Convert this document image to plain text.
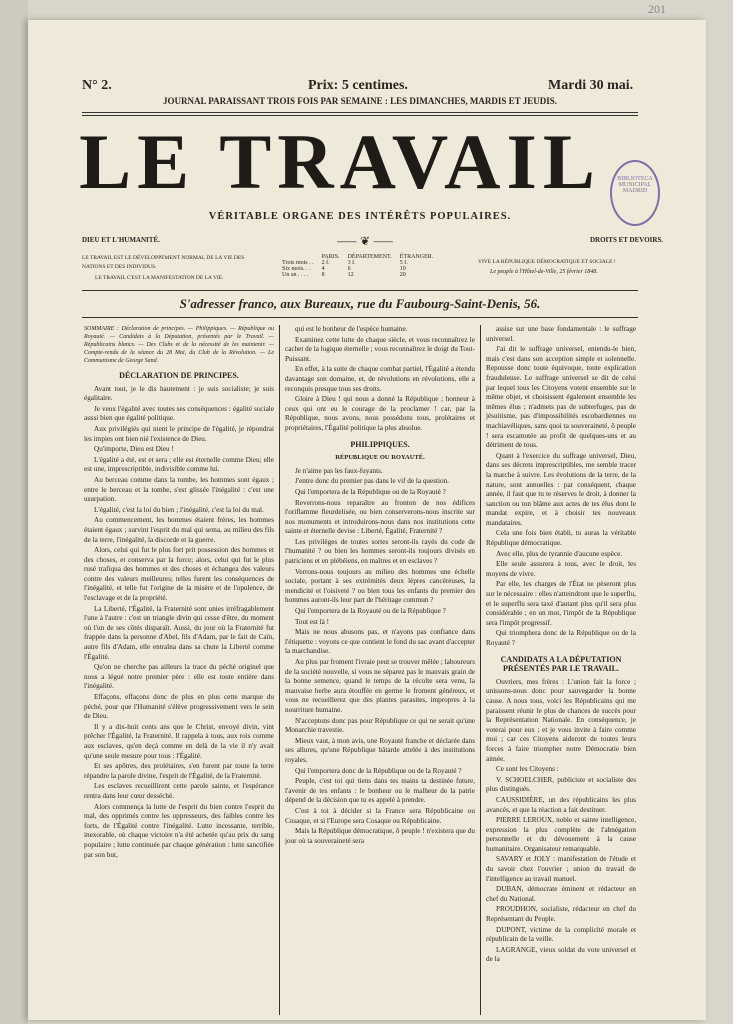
201
N° 2.	Prix: 5 centimes.	Mardi 30 mai.
JOURNAL PARAISSANT TROIS FOIS PAR SEMAINE : LES DIMANCHES, MARDIS ET JEUDIS.
LE TRAVAIL
VÉRITABLE ORGANE DES INTÉRÊTS POPULAIRES.
BIBLIOTECA MUNICIPAL MADRID
DIEU ET L'HUMANITÉ.	DROITS ET DEVOIRS.
⸺ ❦ ⸺
LE TRAVAIL EST LE DÉVELOPPEMENT NORMAL DE LA VIE DES NATIONS ET DES INDIVIDUS.
LE TRAVAIL C'EST LA MANIFESTATION DE LA VIE.
	PARIS.	DÉPARTEMENT.	ÉTRANGER.
Trois mois . .	2 f.	3 f.	5 f.
Six mois. . .	4	6	10
Un an . . . .	8	12	20
VIVE LA RÉPUBLIQUE DÉMOCRATIQUE ET SOCIALE !
Le peuple à l'Hôtel-de-Ville, 25 février 1848.
S'adresser franco, aux Bureaux, rue du Faubourg-Saint-Denis, 56.

SOMMAIRE : Déclaration de principes. — Philippiques. — République ou Royauté. — Candidats à la Députation, présentés par le Travail. — Républicains blancs. — Des Clubs et de la nécessité de les maintenir. — Compte-rendu de la séance du 28 Mai, du Club de la Révolution. — Le Communisme de George Sand.

DÉCLARATION DE PRINCIPES.

Avant tout, je le dis hautement : je suis socialiste; je suis égalitaire.

Je veux l'égalité avec toutes ses conséquences : égalité sociale aussi bien que égalité politique.

Aux privilégiés qui nient le principe de l'égalité, je répondrai les impies ont bien nié l'existence de Dieu.

Qu'importe, Dieu est Dieu !

L'égalité a été, est et sera ; elle est éternelle comme Dieu; elle est une, imprescriptible, indivisible comme lui.

Au berceau comme dans la tombe, les hommes sont égaux ; entre le berceau et la tombe, s'est glissée l'inégalité : c'est une usurpation.

L'égalité, c'est la loi du bien ; l'inégalité, c'est la loi du mal.

Au commencement, les hommes étaient frères, les hommes étaient égaux ; survint l'esprit du mal qui sema, au milieu des fils de la terre, l'inégalité, la discorde et la guerre.

Alors, celui qui fut le plus fort prit possession des hommes et des choses, et conserva par la force; alors, celui qui fut le plus rusé trafiqua des hommes et des choses et échangea des valeurs contre des valeurs meilleures; telles furent les conséquences de l'inégalité, et telle fut l'origine de la misère et de l'opulence, de l'esclavage et de la propriété.

La Liberté, l'Égalité, la Fraternité sont unies irréfragablement l'une à l'autre : c'est un triangle divin qui cesse d'être, du moment où l'un de ses côtés disparaît. Aussi, du jour où la Fraternité fut frappée dans la personne d'Abel, fils d'Adam, par le fait de Caïn, autre fils d'Adam, elle entraîna dans sa chute la Liberté comme l'Égalité.

Qu'on ne cherche pas ailleurs la trace du péché originel que nous a légué notre premier père : elle est toute entière dans l'inégalité.

Effaçons, effaçons donc de plus en plus cette marque du péché, pour que l'Humanité s'élève progressivement vers le sein de Dieu.

Il y a dix-huit cents ans que le Christ, envoyé divin, vint prêcher l'Égalité, la Fraternité. Il rappela à tous, aux rois comme aux esclaves, qu'en deçà comme en delà de la vie il n'y avait qu'une seule mesure pour tous : l'Égalité.

Et ses apôtres, des prolétaires, s'en furent par toute la terre répandre la parole divine, l'esprit de l'Égalité, de la Fraternité.

Les esclaves recueillirent cette parole sainte, et l'espérance rentra dans leur cœur desséché.

Alors commença la lutte de l'esprit du bien contre l'esprit du mal, des opprimés contre les oppresseurs, des faibles contre les forts, de l'Égalité contre l'inégalité. Lutte incessante, terrible, inexorable, où chaque victoire n'a été achetée qu'au prix du sang populaire ; lutte continuée par chaque génération : lutte sanctifiée par son but,

qui est le bonheur de l'espèce humaine.

Examinez cette lutte de chaque siècle, et vous reconnaîtrez le cachet de la logique éternelle ; vous reconnaîtrez le doigt du Tout-Puissant.

En effet, à la suite de chaque combat partiel, l'Égalité a étendu davantage son domaine, et, de révolutions en révolutions, elle a reconquis presque tous ses droits.

Gloire à Dieu ! qui nous a donné la République ; honneur à ceux qui ont eu le courage de la proclamer ! car, par la République, nous avons, nous possédons tous, prolétaires et propriétaires, l'Égalité politique la plus absolue.

PHILIPPIQUES.
RÉPUBLIQUE OU ROYAUTÉ.

Je n'aime pas les faux-fuyants.

J'entre donc du premier pas dans le vif de la question.

Qui l'emportera de la République ou de la Royauté ?

Reverrons-nous reparaître au fronton de nos édifices l'oriflamme fleurdelisée, ou bien conserverons-nous inscrite sur nos monuments et introduirons-nous dans nos institutions cette sainte et éternelle devise : Liberté, Égalité, Fraternité ?

Les privilèges de toutes sortes seront-ils rayés du code de l'humanité ? ou bien les hommes seront-ils toujours divisés en patriciens et en plébéiens, en maîtres et en esclaves ?

Verrons-nous toujours au milieu des hommes une échelle sociale, portant à ses extrémités deux lèpres cancéreuses, la mendicité et l'oisiveté ? ou bien tous les enfants du premier des hommes auront-ils leur part de l'héritage commun ?

Qui l'emportera de la Royauté ou de la République ?

Tout est là !

Mais ne nous abusons pas, et n'ayons pas confiance dans l'étiquette : voyons ce que contient le fond du sac avant d'accepter la marchandise.

Au plus par froment l'ivraie peut se trouver mêlée ; laboureurs de la société nouvelle, si vous ne séparez pas le mauvais grain de la bonne semence, quand le temps de la récolte sera venu, la mauvaise herbe aura étouffée en germe le froment généreux, et vous ne recueillerez que des plantes parasites, impropres à la nourriture humaine.

N'acceptons donc pas pour République ce qui ne serait qu'une Monarchie travestie.

Mieux vaut, à mon avis, une Royauté franche et déclarée dans ses allures, qu'une République bâtarde attelée à des institutions royales.

Qui l'emportera donc de la République ou de la Royauté ?

Peuple, c'est toi qui tiens dans tes mains ta destinée future, l'avenir de tes enfants : le bonheur ou le malheur de la patrie dépend de la décision que tu es appelé à prendre.

C'est à toi à décider si la France sera Républicaine ou Cosaque, et si l'Europe sera Cosaque ou Républicaine.

Mais la République démocratique, ô peuple ! n'existera que du jour où ta souveraineté sera

assise sur une base fondamentale : le suffrage universel.

J'ai dit le suffrage universel, entendu-le bien, mais c'est dans son acception simple et solennelle. Repousse donc toute équivoque, toute explication frauduleuse. Le suffrage universel se dit de celui par lequel tous les Citoyens votent ensemble sur le même objet, et choisissent également ensemble les mêmes élus ; n'admets pas de subterfuges, pas de jésuitisme, pas d'impossibilités escobardiennes ou machiavéliques, sans quoi ta souveraineté, ô peuple ! sera escamotée au profit de quelques-uns et au détriment de tous.

Quant à l'exercice du suffrage universel, Dieu, dans ses décrets imprescriptibles, me semble tracer la marche à suivre. Les évolutions de la terre, de la nature, sont annuelles : par conséquent, chaque année, il faut que tu te réserves le droit, à donner la sanction ou ton blâme aux actes de tes élus dont le mandat expire, et à choisir tes nouveaux mandataires.

Cela une fois bien établi, tu auras la véritable République démocratique.

Avec elle, plus de tyrannie d'aucune espèce.

Elle seule assurera à tous, avec le droit, les moyens de vivre.

Par elle, les charges de l'État ne pèseront plus sur le nécessaire : elles n'atteindront que le superflu, et le superflu sera taxé d'autant plus qu'il sera plus considérable ; en un mot, l'impôt de la République sera l'impôt progressif.

Qui triomphera donc de la République ou de la Royauté ?

CANDIDATS A LA DÉPUTATION PRÉSENTÉS PAR LE TRAVAIL.

Ouvriers, mes frères : L'union fait la force ; unissons-nous donc pour sauvegarder la bonne cause. A nous tous, voici les Républicains qui me paraissent réunir le plus de chances de succès pour la Représentation Nationale. En conséquence, je voterai pour eux ; et je vous invite à faire comme moi ; car ces Citoyens aideront de toutes leurs forces à faire triompher notre Démocratie bien aimée.

Ce sont les Citoyens :

V. SCHOELCHER, publiciste et socialiste des plus distingués.

CAUSSIDIÈRE, un des républicains les plus avancés, et que la réaction a fait destituer.

PIERRE LEROUX, noble et sainte intelligence, expression la plus complète de l'abnégation personnelle et du dévouement à la cause humanitaire. Organisateur remarquable.

SAVARY et JOLY : manifestation de l'étude et du savoir chez l'ouvrier ; union du travail de l'intelligence au travail manuel.

DUBAN, démocrate éminent et rédacteur en chef du National.

PROUDHON, socialiste, rédacteur en chef du Représentant du Peuple.

DUPONT, victime de la complicité morale et républicain de la veille.

LAGRANGE, vieux soldat du vote universel et de la
